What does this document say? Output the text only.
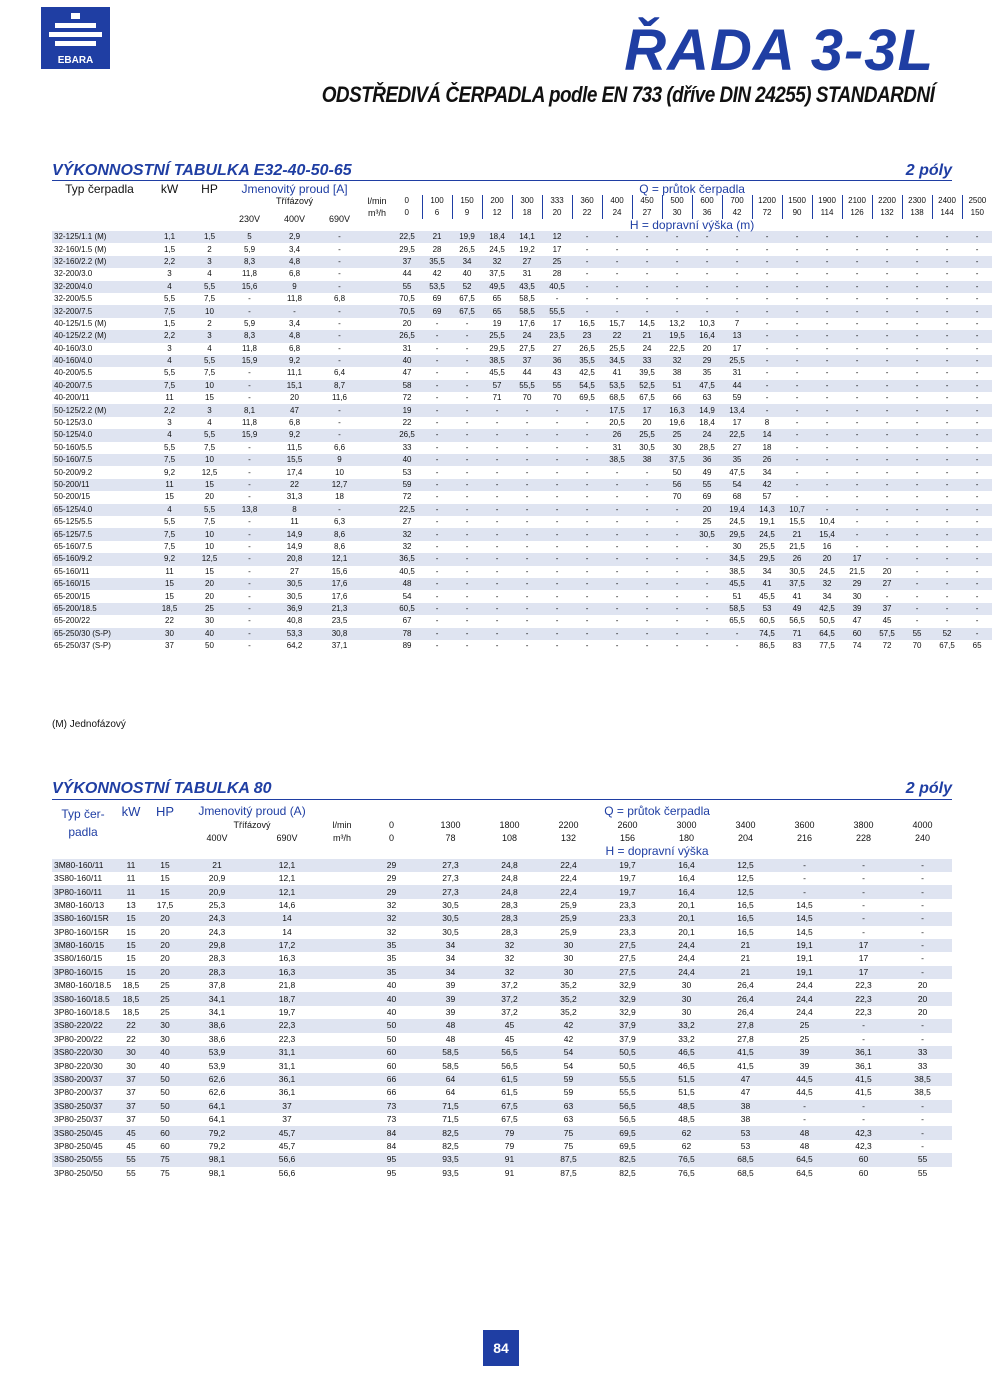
EBARA	ŘADA 3-3L
ODSTŘEDIVÁ ČERPADLA podle EN 733 (dříve DIN 24255) STANDARDNÍ
VÝKONNOSTNÍ TABULKA E32-40-50-65	2 póly
Typ čerpadla	kW	HP	Jmenovitý proud [A]				Q = průtok čerpadla																			
			Třífázový			l/min	0	100	150	200	300	333	360	400	450	500	600	700	1200	1500	1900	2100	2200	2300	2400	2500
			230V	400V	690V	m³/h	0	6	9	12	18	20	22	24	27	30	36	42	72	90	114	126	132	138	144	150
							H = dopravní výška (m)																			
32-125/1.1 (M)	1,1	1,5	5	2,9	-		22,5	21	19,9	18,4	14,1	12	-	-	-	-	-	-	-	-	-	-	-	-	-	-
32-160/1.5 (M)	1,5	2	5,9	3,4	-		29,5	28	26,5	24,5	19,2	17	-	-	-	-	-	-	-	-	-	-	-	-	-	-
32-160/2.2 (M)	2,2	3	8,3	4,8	-		37	35,5	34	32	27	25	-	-	-	-	-	-	-	-	-	-	-	-	-	-
32-200/3.0	3	4	11,8	6,8	-		44	42	40	37,5	31	28	-	-	-	-	-	-	-	-	-	-	-	-	-	-
32-200/4.0	4	5,5	15,6	9	-		55	53,5	52	49,5	43,5	40,5	-	-	-	-	-	-	-	-	-	-	-	-	-	-
32-200/5.5	5,5	7,5	-	11,8	6,8		70,5	69	67,5	65	58,5	-	-	-	-	-	-	-	-	-	-	-	-	-	-	-
32-200/7.5	7,5	10	-	-	-		70,5	69	67,5	65	58,5	55,5	-	-	-	-	-	-	-	-	-	-	-	-	-	-
40-125/1.5 (M)	1,5	2	5,9	3,4	-		20	-	-	19	17,6	17	16,5	15,7	14,5	13,2	10,3	7	-	-	-	-	-	-	-	-
40-125/2.2 (M)	2,2	3	8,3	4,8	-		26,5	-	-	25,5	24	23,5	23	22	21	19,5	16,4	13	-	-	-	-	-	-	-	-
40-160/3.0	3	4	11,8	6,8	-		31	-	-	29,5	27,5	27	26,5	25,5	24	22,5	20	17	-	-	-	-	-	-	-	-
40-160/4.0	4	5,5	15,9	9,2	-		40	-	-	38,5	37	36	35,5	34,5	33	32	29	25,5	-	-	-	-	-	-	-	-
40-200/5.5	5,5	7,5	-	11,1	6,4		47	-	-	45,5	44	43	42,5	41	39,5	38	35	31	-	-	-	-	-	-	-	-
40-200/7.5	7,5	10	-	15,1	8,7		58	-	-	57	55,5	55	54,5	53,5	52,5	51	47,5	44	-	-	-	-	-	-	-	-
40-200/11	11	15	-	20	11,6		72	-	-	71	70	70	69,5	68,5	67,5	66	63	59	-	-	-	-	-	-	-	-
50-125/2.2 (M)	2,2	3	8,1	47	-		19	-	-	-	-	-	-	17,5	17	16,3	14,9	13,4	-	-	-	-	-	-	-	-
50-125/3.0	3	4	11,8	6,8	-		22	-	-	-	-	-	-	20,5	20	19,6	18,4	17	8	-	-	-	-	-	-	-
50-125/4.0	4	5,5	15,9	9,2	-		26,5	-	-	-	-	-	-	26	25,5	25	24	22,5	14	-	-	-	-	-	-	-
50-160/5.5	5,5	7,5	-	11,5	6,6		33	-	-	-	-	-	-	31	30,5	30	28,5	27	18	-	-	-	-	-	-	-
50-160/7.5	7,5	10	-	15,5	9		40	-	-	-	-	-	-	38,5	38	37,5	36	35	26	-	-	-	-	-	-	-
50-200/9.2	9,2	12,5	-	17,4	10		53	-	-	-	-	-	-	-	-	50	49	47,5	34	-	-	-	-	-	-	-
50-200/11	11	15	-	22	12,7		59	-	-	-	-	-	-	-	-	56	55	54	42	-	-	-	-	-	-	-
50-200/15	15	20	-	31,3	18		72	-	-	-	-	-	-	-	-	70	69	68	57	-	-	-	-	-	-	-
65-125/4.0	4	5,5	13,8	8	-		22,5	-	-	-	-	-	-	-	-	-	20	19,4	14,3	10,7	-	-	-	-	-	-
65-125/5.5	5,5	7,5	-	11	6,3		27	-	-	-	-	-	-	-	-	-	25	24,5	19,1	15,5	10,4	-	-	-	-	-
65-125/7.5	7,5	10	-	14,9	8,6		32	-	-	-	-	-	-	-	-	-	30,5	29,5	24,5	21	15,4	-	-	-	-	-
65-160/7.5	7,5	10	-	14,9	8,6		32	-	-	-	-	-	-	-	-	-	-	30	25,5	21,5	16	-	-	-	-	-
65-160/9.2	9,2	12,5	-	20,8	12,1		36,5	-	-	-	-	-	-	-	-	-	-	34,5	29,5	26	20	17	-	-	-	-
65-160/11	11	15	-	27	15,6		40,5	-	-	-	-	-	-	-	-	-	-	38,5	34	30,5	24,5	21,5	20	-	-	-
65-160/15	15	20	-	30,5	17,6		48	-	-	-	-	-	-	-	-	-	-	45,5	41	37,5	32	29	27	-	-	-
65-200/15	15	20	-	30,5	17,6		54	-	-	-	-	-	-	-	-	-	-	51	45,5	41	34	30	-	-	-	-
65-200/18.5	18,5	25	-	36,9	21,3		60,5	-	-	-	-	-	-	-	-	-	-	58,5	53	49	42,5	39	37	-	-	-
65-200/22	22	30	-	40,8	23,5		67	-	-	-	-	-	-	-	-	-	-	65,5	60,5	56,5	50,5	47	45	-	-	-
65-250/30 (S-P)	30	40	-	53,3	30,8		78	-	-	-	-	-	-	-	-	-	-	-	74,5	71	64,5	60	57,5	55	52	-
65-250/37 (S-P)	37	50	-	64,2	37,1		89	-	-	-	-	-	-	-	-	-	-	-	86,5	83	77,5	74	72	70	67,5	65
(M) Jednofázový
VÝKONNOSTNÍ TABULKA 80	2 póly
Typ čer-padla	kW	HP	Jmenovitý proud (A)			Q = průtok čerpadla									
			Třífázový		l/min	0	1300	1800	2200	2600	3000	3400	3600	3800	4000
			400V	690V	m³/h	0	78	108	132	156	180	204	216	228	240
						H = dopravní výška									
3M80-160/11	11	15	21	12,1		29	27,3	24,8	22,4	19,7	16,4	12,5	-	-	-
3S80-160/11	11	15	20,9	12,1		29	27,3	24,8	22,4	19,7	16,4	12,5	-	-	-
3P80-160/11	11	15	20,9	12,1		29	27,3	24,8	22,4	19,7	16,4	12,5	-	-	-
3M80-160/13	13	17,5	25,3	14,6		32	30,5	28,3	25,9	23,3	20,1	16,5	14,5	-	-
3S80-160/15R	15	20	24,3	14		32	30,5	28,3	25,9	23,3	20,1	16,5	14,5	-	-
3P80-160/15R	15	20	24,3	14		32	30,5	28,3	25,9	23,3	20,1	16,5	14,5	-	-
3M80-160/15	15	20	29,8	17,2		35	34	32	30	27,5	24,4	21	19,1	17	-
3S80/160/15	15	20	28,3	16,3		35	34	32	30	27,5	24,4	21	19,1	17	-
3P80-160/15	15	20	28,3	16,3		35	34	32	30	27,5	24,4	21	19,1	17	-
3M80-160/18.5	18,5	25	37,8	21,8		40	39	37,2	35,2	32,9	30	26,4	24,4	22,3	20
3S80-160/18.5	18,5	25	34,1	18,7		40	39	37,2	35,2	32,9	30	26,4	24,4	22,3	20
3P80-160/18.5	18,5	25	34,1	19,7		40	39	37,2	35,2	32,9	30	26,4	24,4	22,3	20
3S80-220/22	22	30	38,6	22,3		50	48	45	42	37,9	33,2	27,8	25	-	-
3P80-200/22	22	30	38,6	22,3		50	48	45	42	37,9	33,2	27,8	25	-	-
3S80-220/30	30	40	53,9	31,1		60	58,5	56,5	54	50,5	46,5	41,5	39	36,1	33
3P80-220/30	30	40	53,9	31,1		60	58,5	56,5	54	50,5	46,5	41,5	39	36,1	33
3S80-200/37	37	50	62,6	36,1		66	64	61,5	59	55,5	51,5	47	44,5	41,5	38,5
3P80-200/37	37	50	62,6	36,1		66	64	61,5	59	55,5	51,5	47	44,5	41,5	38,5
3S80-250/37	37	50	64,1	37		73	71,5	67,5	63	56,5	48,5	38	-	-	-
3P80-250/37	37	50	64,1	37		73	71,5	67,5	63	56,5	48,5	38	-	-	-
3S80-250/45	45	60	79,2	45,7		84	82,5	79	75	69,5	62	53	48	42,3	-
3P80-250/45	45	60	79,2	45,7		84	82,5	79	75	69,5	62	53	48	42,3	-
3S80-250/55	55	75	98,1	56,6		95	93,5	91	87,5	82,5	76,5	68,5	64,5	60	55
3P80-250/50	55	75	98,1	56,6		95	93,5	91	87,5	82,5	76,5	68,5	64,5	60	55
84
